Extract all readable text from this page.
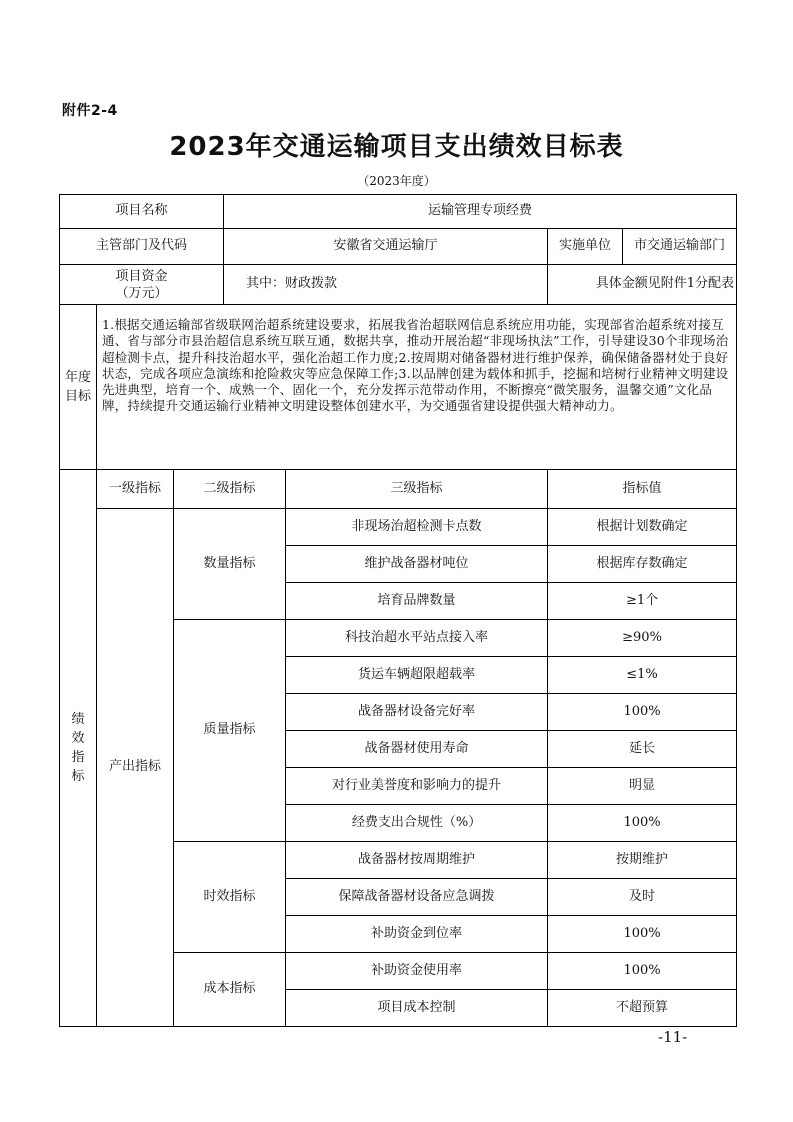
附件2-4
2023年交通运输项目支出绩效目标表
（2023年度）
项目名称			运输管理专项经费			
主管部门及代码			安徽省交通运输厅		实施单位	市交通运输部门
项目资金
（万元）			其中：财政拨款		具体金额见附件1分配表	
年度
目标	1.根据交通运输部省级联网治超系统建设要求，拓展我省治超联网信息系统应用功能，实现部省治超系统对接互通、省与部分市县治超信息系统互联互通，数据共享，推动开展治超“非现场执法”工作，引导建设30个非现场治超检测卡点，提升科技治超水平，强化治超工作力度;2.按周期对储备器材进行维护保养，确保储备器材处于良好状态，完成各项应急演练和抢险救灾等应急保障工作;3.以品牌创建为载体和抓手，挖掘和培树行业精神文明建设先进典型，培育一个、成熟一个、固化一个，充分发挥示范带动作用，不断擦亮“微笑服务，温馨交通”文化品牌，持续提升交通运输行业精神文明建设整体创建水平，为交通强省建设提供强大精神动力。					
绩效指标	一级指标	二级指标		三级指标	指标值	
	产出指标	数量指标		非现场治超检测卡点数	根据计划数确定	
				维护战备器材吨位	根据库存数确定	
				培育品牌数量	≥1个	
		质量指标		科技治超水平站点接入率	≥90%	
				货运车辆超限超载率	≤1%	
				战备器材设备完好率	100%	
				战备器材使用寿命	延长	
				对行业美誉度和影响力的提升	明显	
				经费支出合规性（%）	100%	
		时效指标		战备器材按周期维护	按期维护	
				保障战备器材设备应急调拨	及时	
				补助资金到位率	100%	
		成本指标		补助资金使用率	100%	
				项目成本控制	不超预算	
-11-
